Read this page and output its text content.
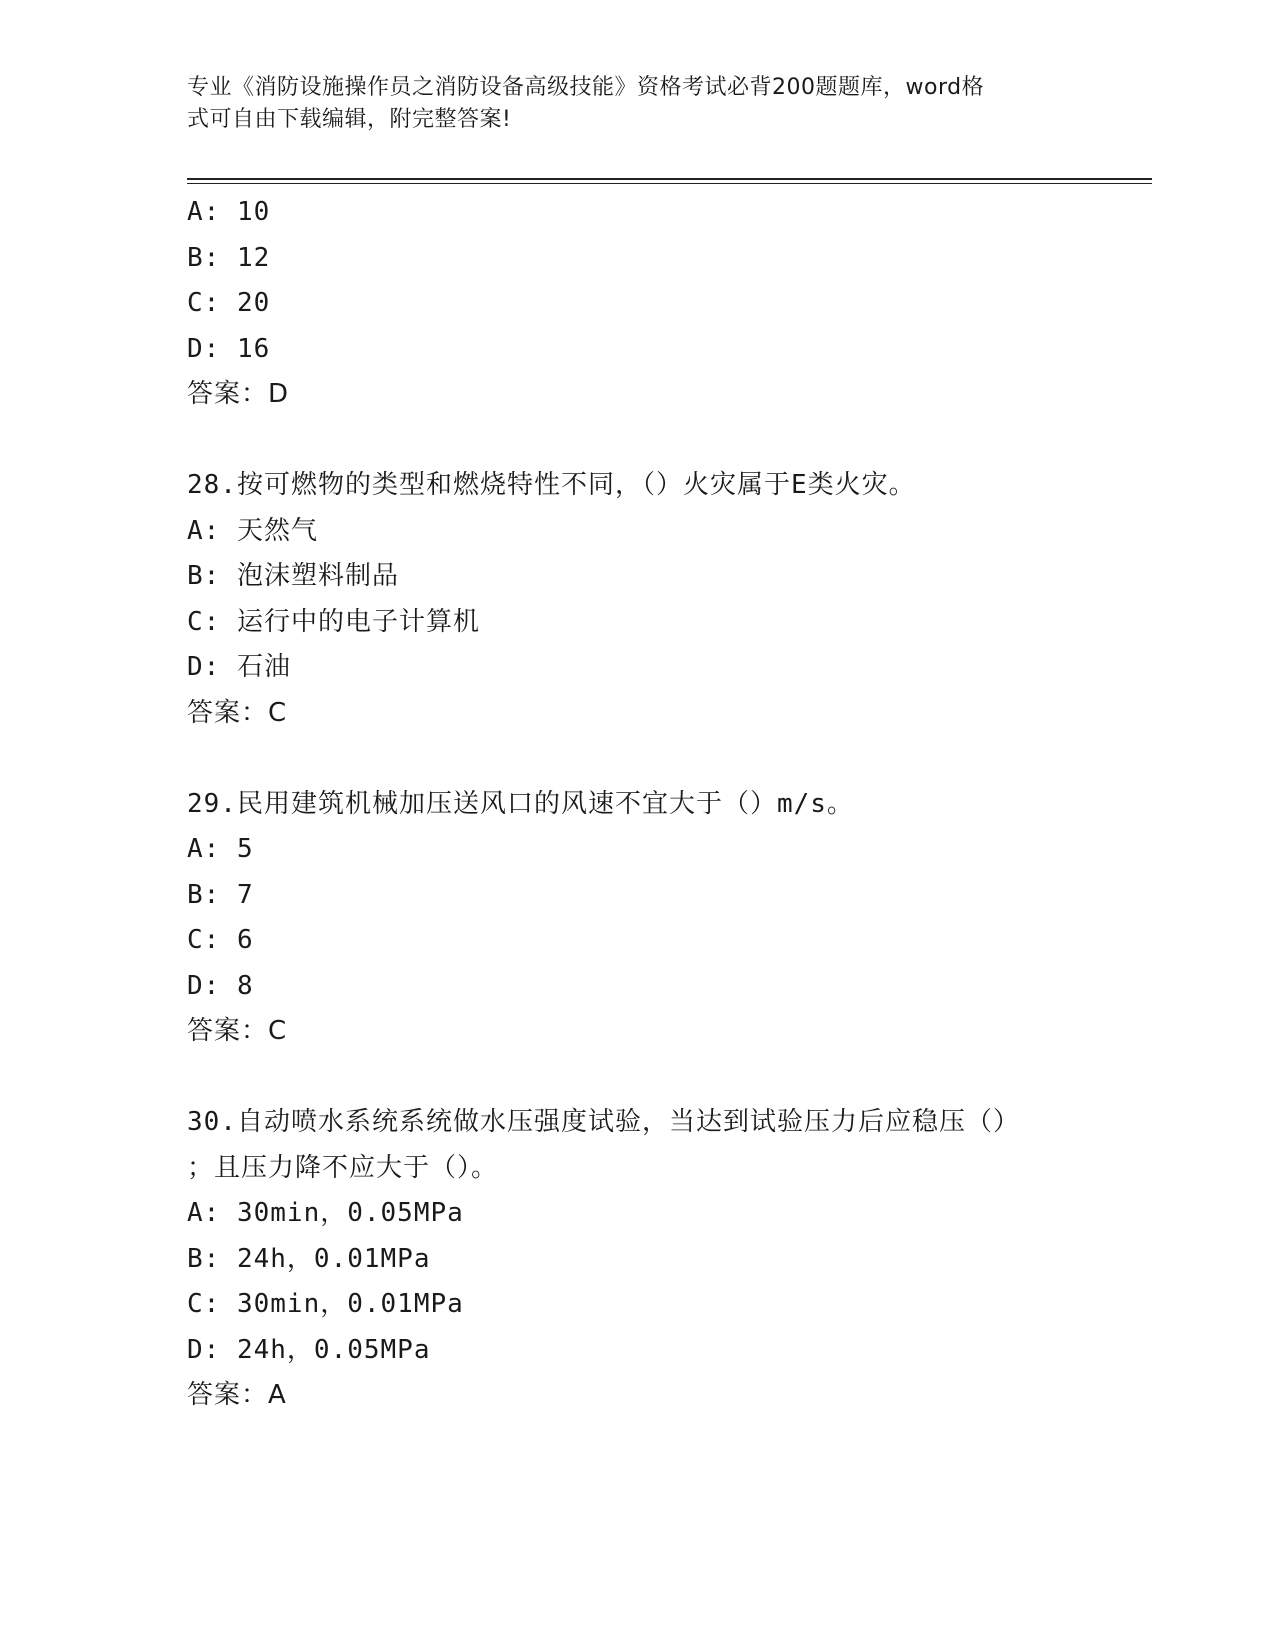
专业《消防设施操作员之消防设备高级技能》资格考试必背200题题库，word格
式可自由下载编辑，附完整答案!
A: 10
B: 12
C: 20
D: 16
答案：D
28.按可燃物的类型和燃烧特性不同，（）火灾属于E类火灾。
A: 天然气
B: 泡沫塑料制品
C: 运行中的电子计算机
D: 石油
答案：C
29.民用建筑机械加压送风口的风速不宜大于（）m/s。
A: 5
B: 7
C: 6
D: 8
答案：C
30.自动喷水系统系统做水压强度试验，当达到试验压力后应稳压（）
；且压力降不应大于（）。
A: 30min，0.05MPa
B: 24h，0.01MPa
C: 30min，0.01MPa
D: 24h，0.05MPa
答案：A
